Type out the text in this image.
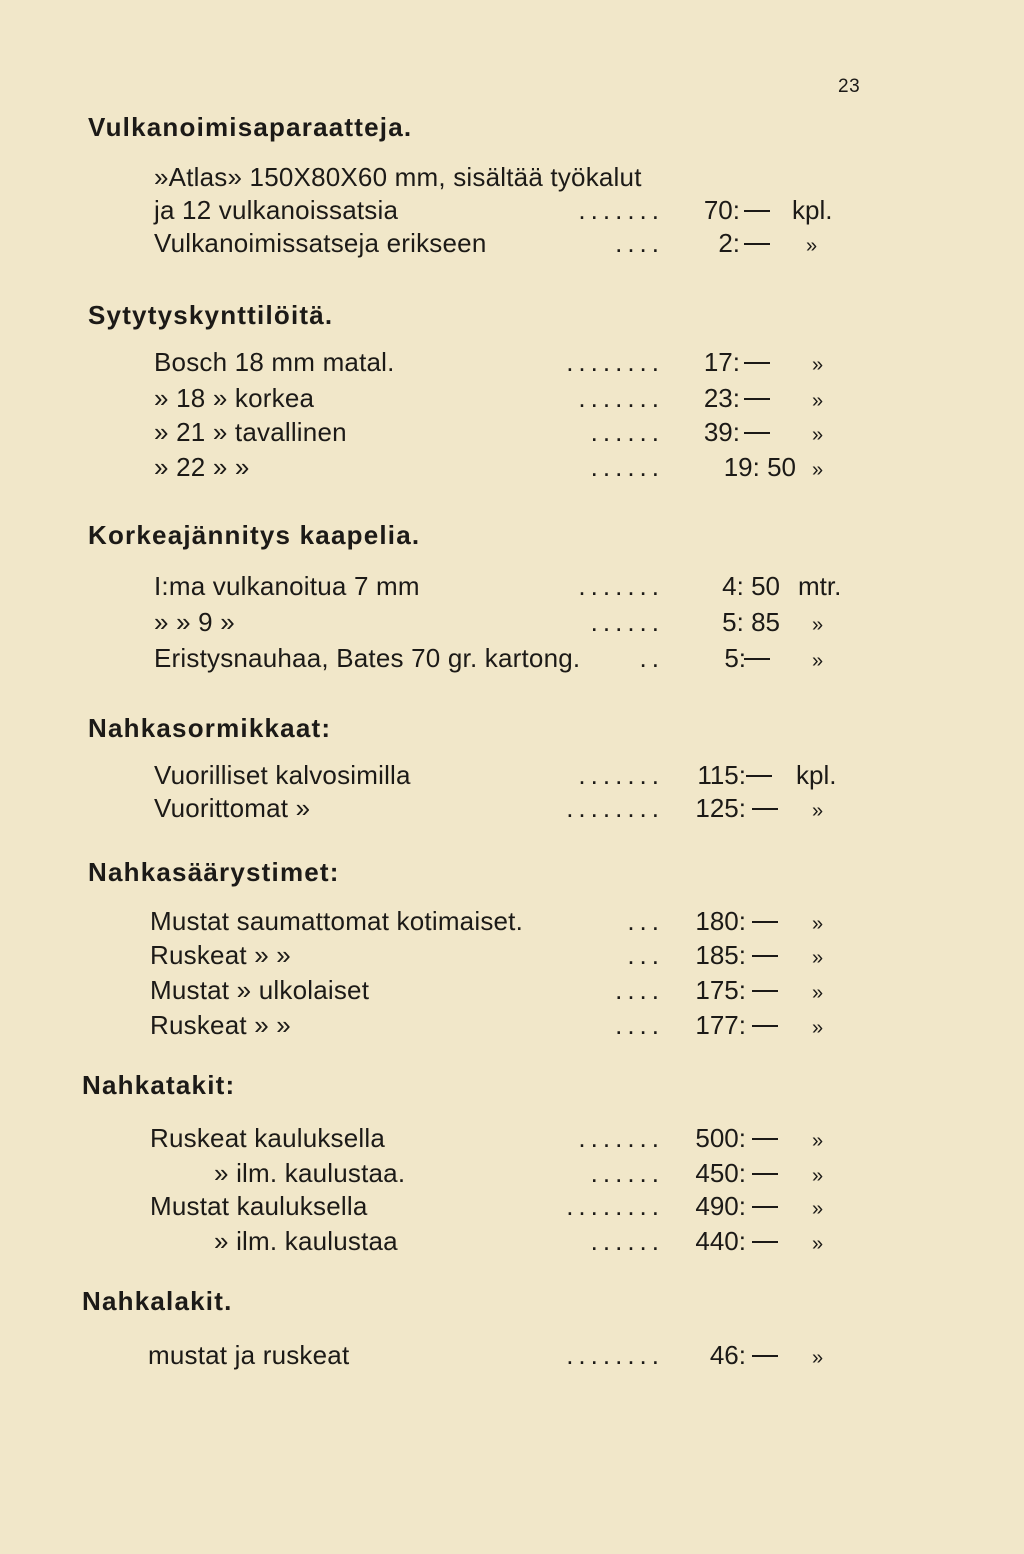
23
Vulkanoimisaparaatteja.
»Atlas» 150X80X60 mm, sisältää työkalut
ja 12 vulkanoissatsia	....... 70: kpl.
Vulkanoimissatseja erikseen	.... 2:	»
Sytytyskynttilöitä.
Bosch 18 mm matal.	........ 17:	»
» 18 » korkea	....... 23:	»
» 21 » tavallinen	...... 39:	»
» 22 » »	...... 19: 50 »
Korkeajännitys kaapelia.
I:ma vulkanoitua 7 mm	....... 4: 50 mtr.
» » 9 »	...... 5: 85 »
Eristysnauhaa, Bates 70 gr. kartong. .. 5:	»
Nahkasormikkaat:
Vuorilliset kalvosimilla	....... 115: kpl.
Vuorittomat »	........ 125:	»
Nahkasäärystimet:
Mustat saumattomat kotimaiset.	... 180:	»
Ruskeat » »	... 185:	»
Mustat » ulkolaiset	.... 175:	»
Ruskeat » »	.... 177:	»
Nahkatakit:
Ruskeat kauluksella	....... 500:	»
» ilm. kaulustaa.	...... 450:	»
Mustat kauluksella	........ 490:	»
» ilm. kaulustaa	...... 440:	»
Nahkalakit.
mustat ja ruskeat	........ 46:	»
